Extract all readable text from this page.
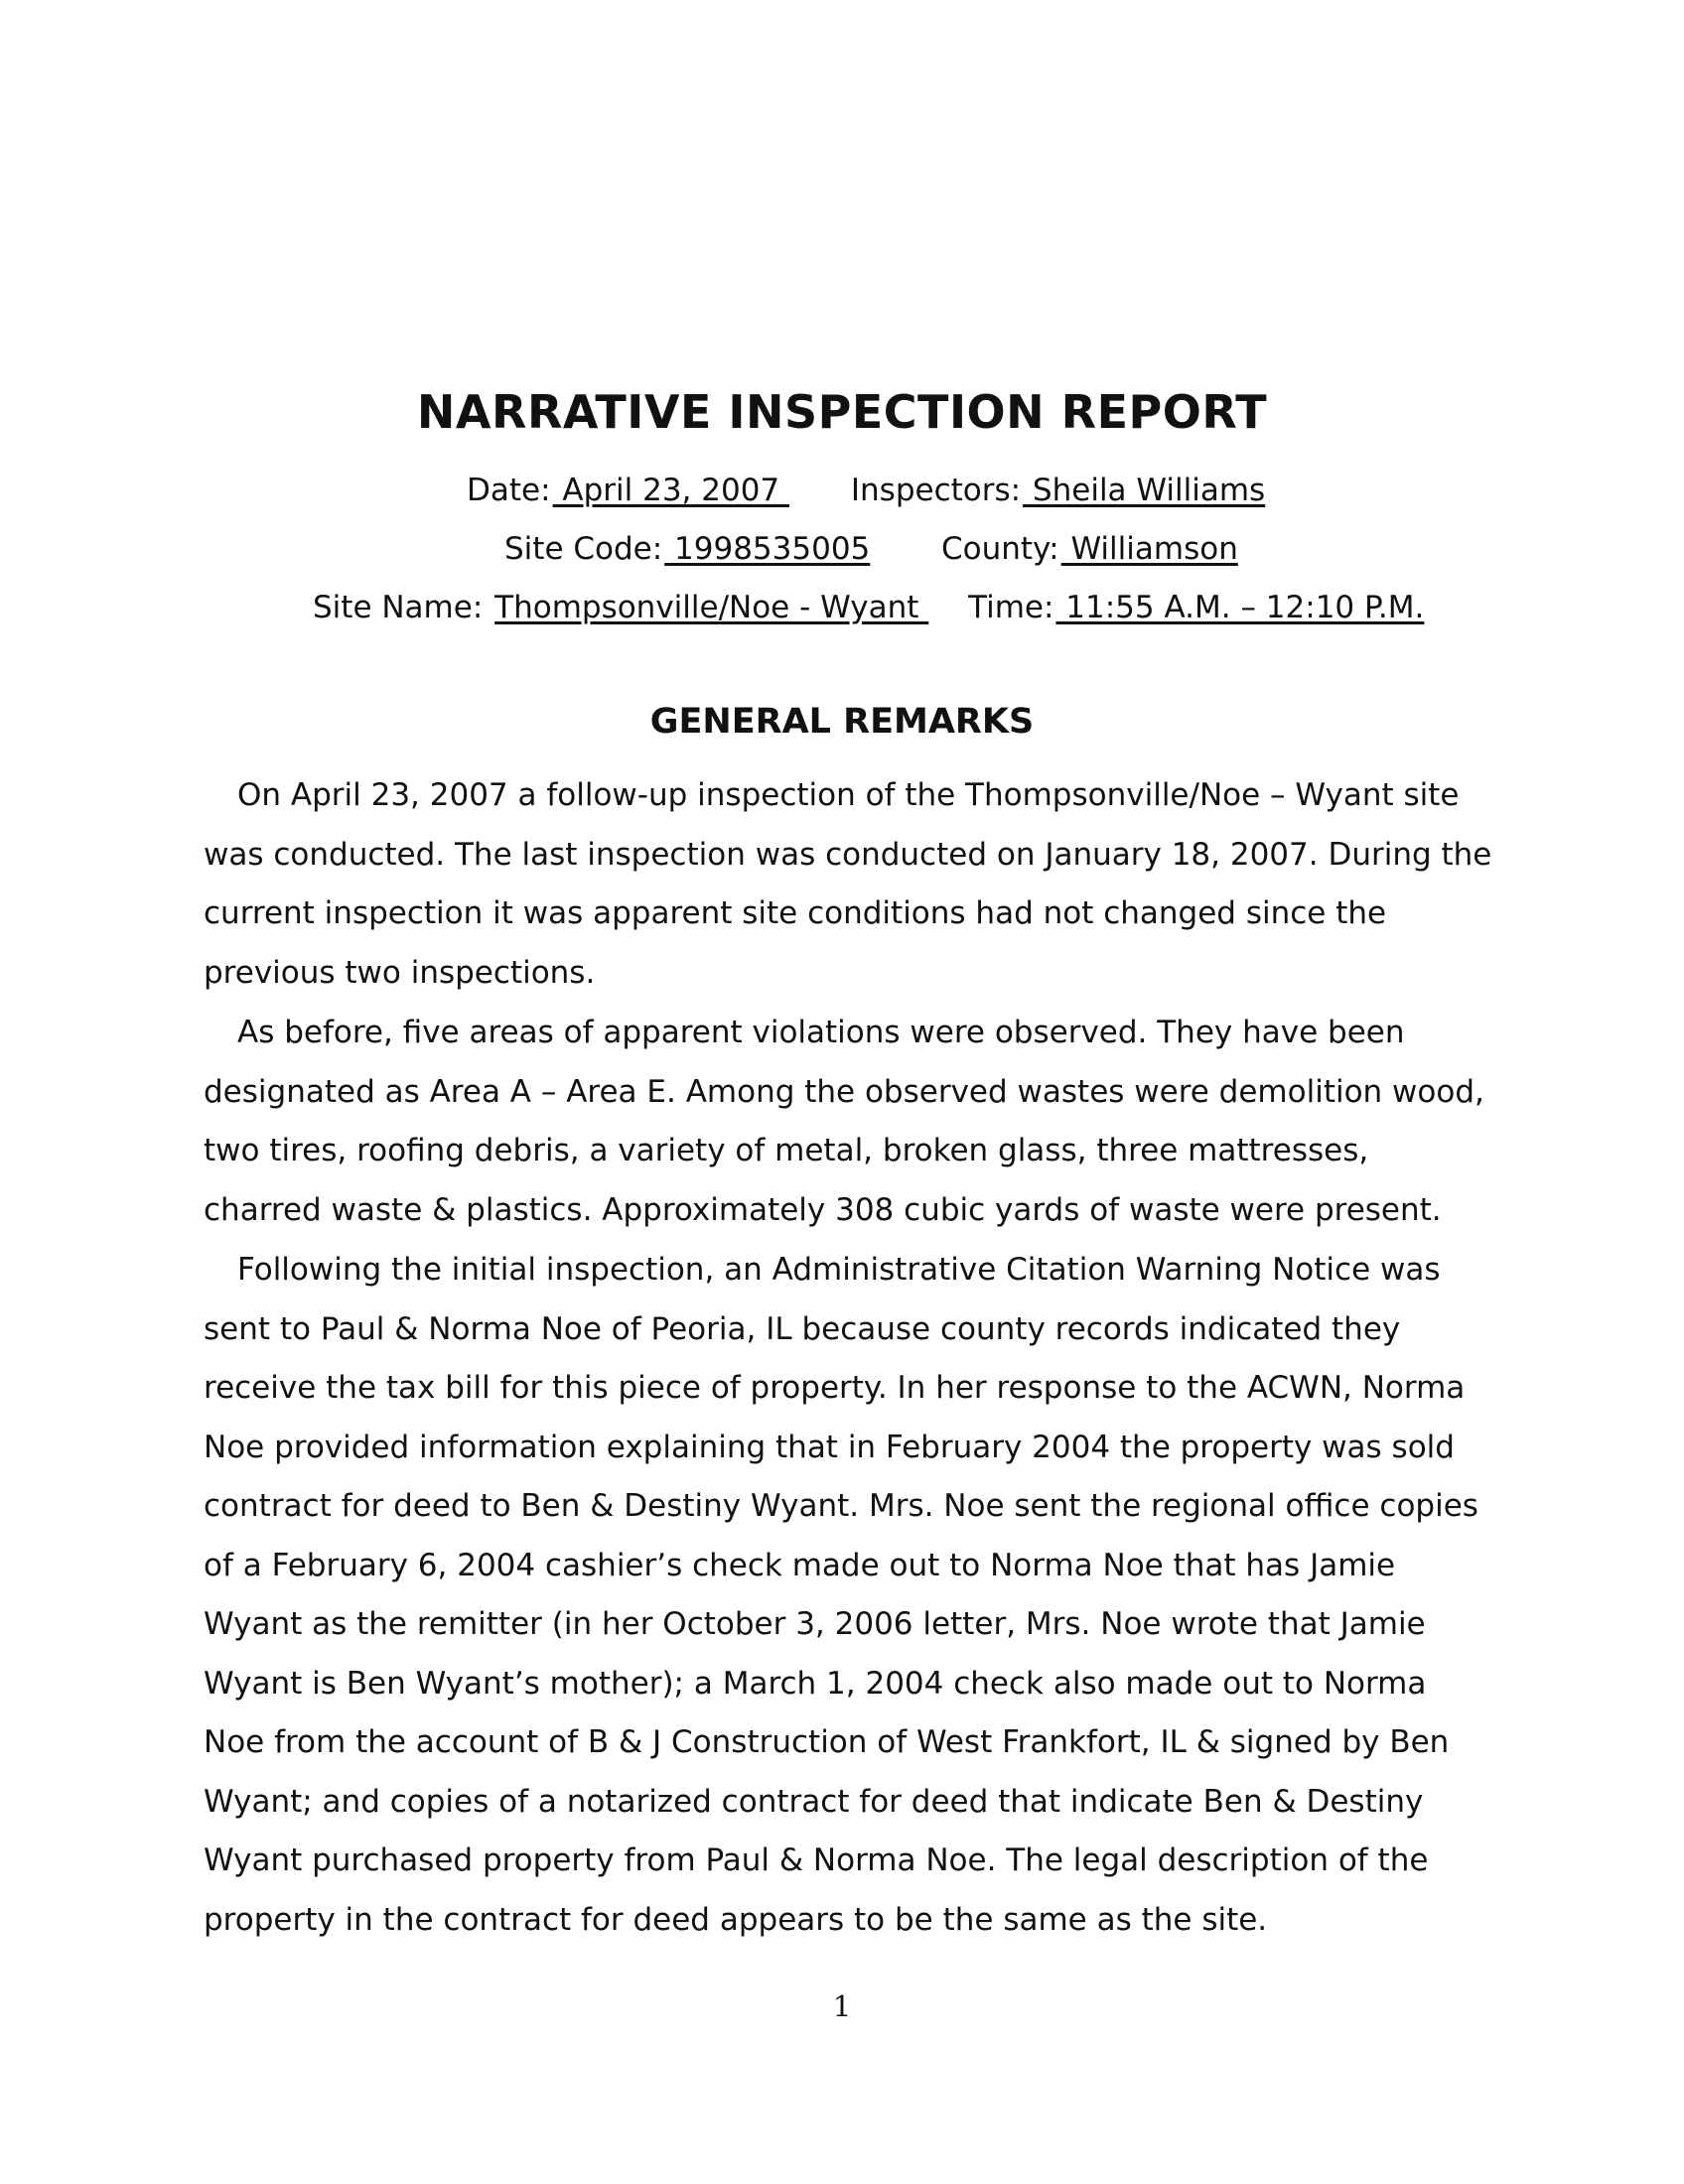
NARRATIVE INSPECTION REPORT
Date: April 23, 2007  Inspectors: Sheila Williams
Site Code: 1998535005 County: Williamson
Site Name: Thompsonville/Noe - Wyant  Time: 11:55 A.M. – 12:10 P.M.
GENERAL REMARKS

On April 23, 2007 a follow-up inspection of the Thompsonville/Noe – Wyant site was conducted. The last inspection was conducted on January 18, 2007. During the current inspection it was apparent site conditions had not changed since the previous two inspections.

As before, five areas of apparent violations were observed. They have been designated as Area A – Area E. Among the observed wastes were demolition wood, two tires, roofing debris, a variety of metal, broken glass, three mattresses, charred waste & plastics. Approximately 308 cubic yards of waste were present.

Following the initial inspection, an Administrative Citation Warning Notice was sent to Paul & Norma Noe of Peoria, IL because county records indicated they receive the tax bill for this piece of property. In her response to the ACWN, Norma Noe provided information explaining that in February 2004 the property was sold contract for deed to Ben & Destiny Wyant. Mrs. Noe sent the regional office copies of a February 6, 2004 cashier’s check made out to Norma Noe that has Jamie Wyant as the remitter (in her October 3, 2006 letter, Mrs. Noe wrote that Jamie Wyant is Ben Wyant’s mother); a March 1, 2004 check also made out to Norma Noe from the account of B & J Construction of West Frankfort, IL & signed by Ben Wyant; and copies of a notarized contract for deed that indicate Ben & Destiny Wyant purchased property from Paul & Norma Noe. The legal description of the property in the contract for deed appears to be the same as the site.

1
